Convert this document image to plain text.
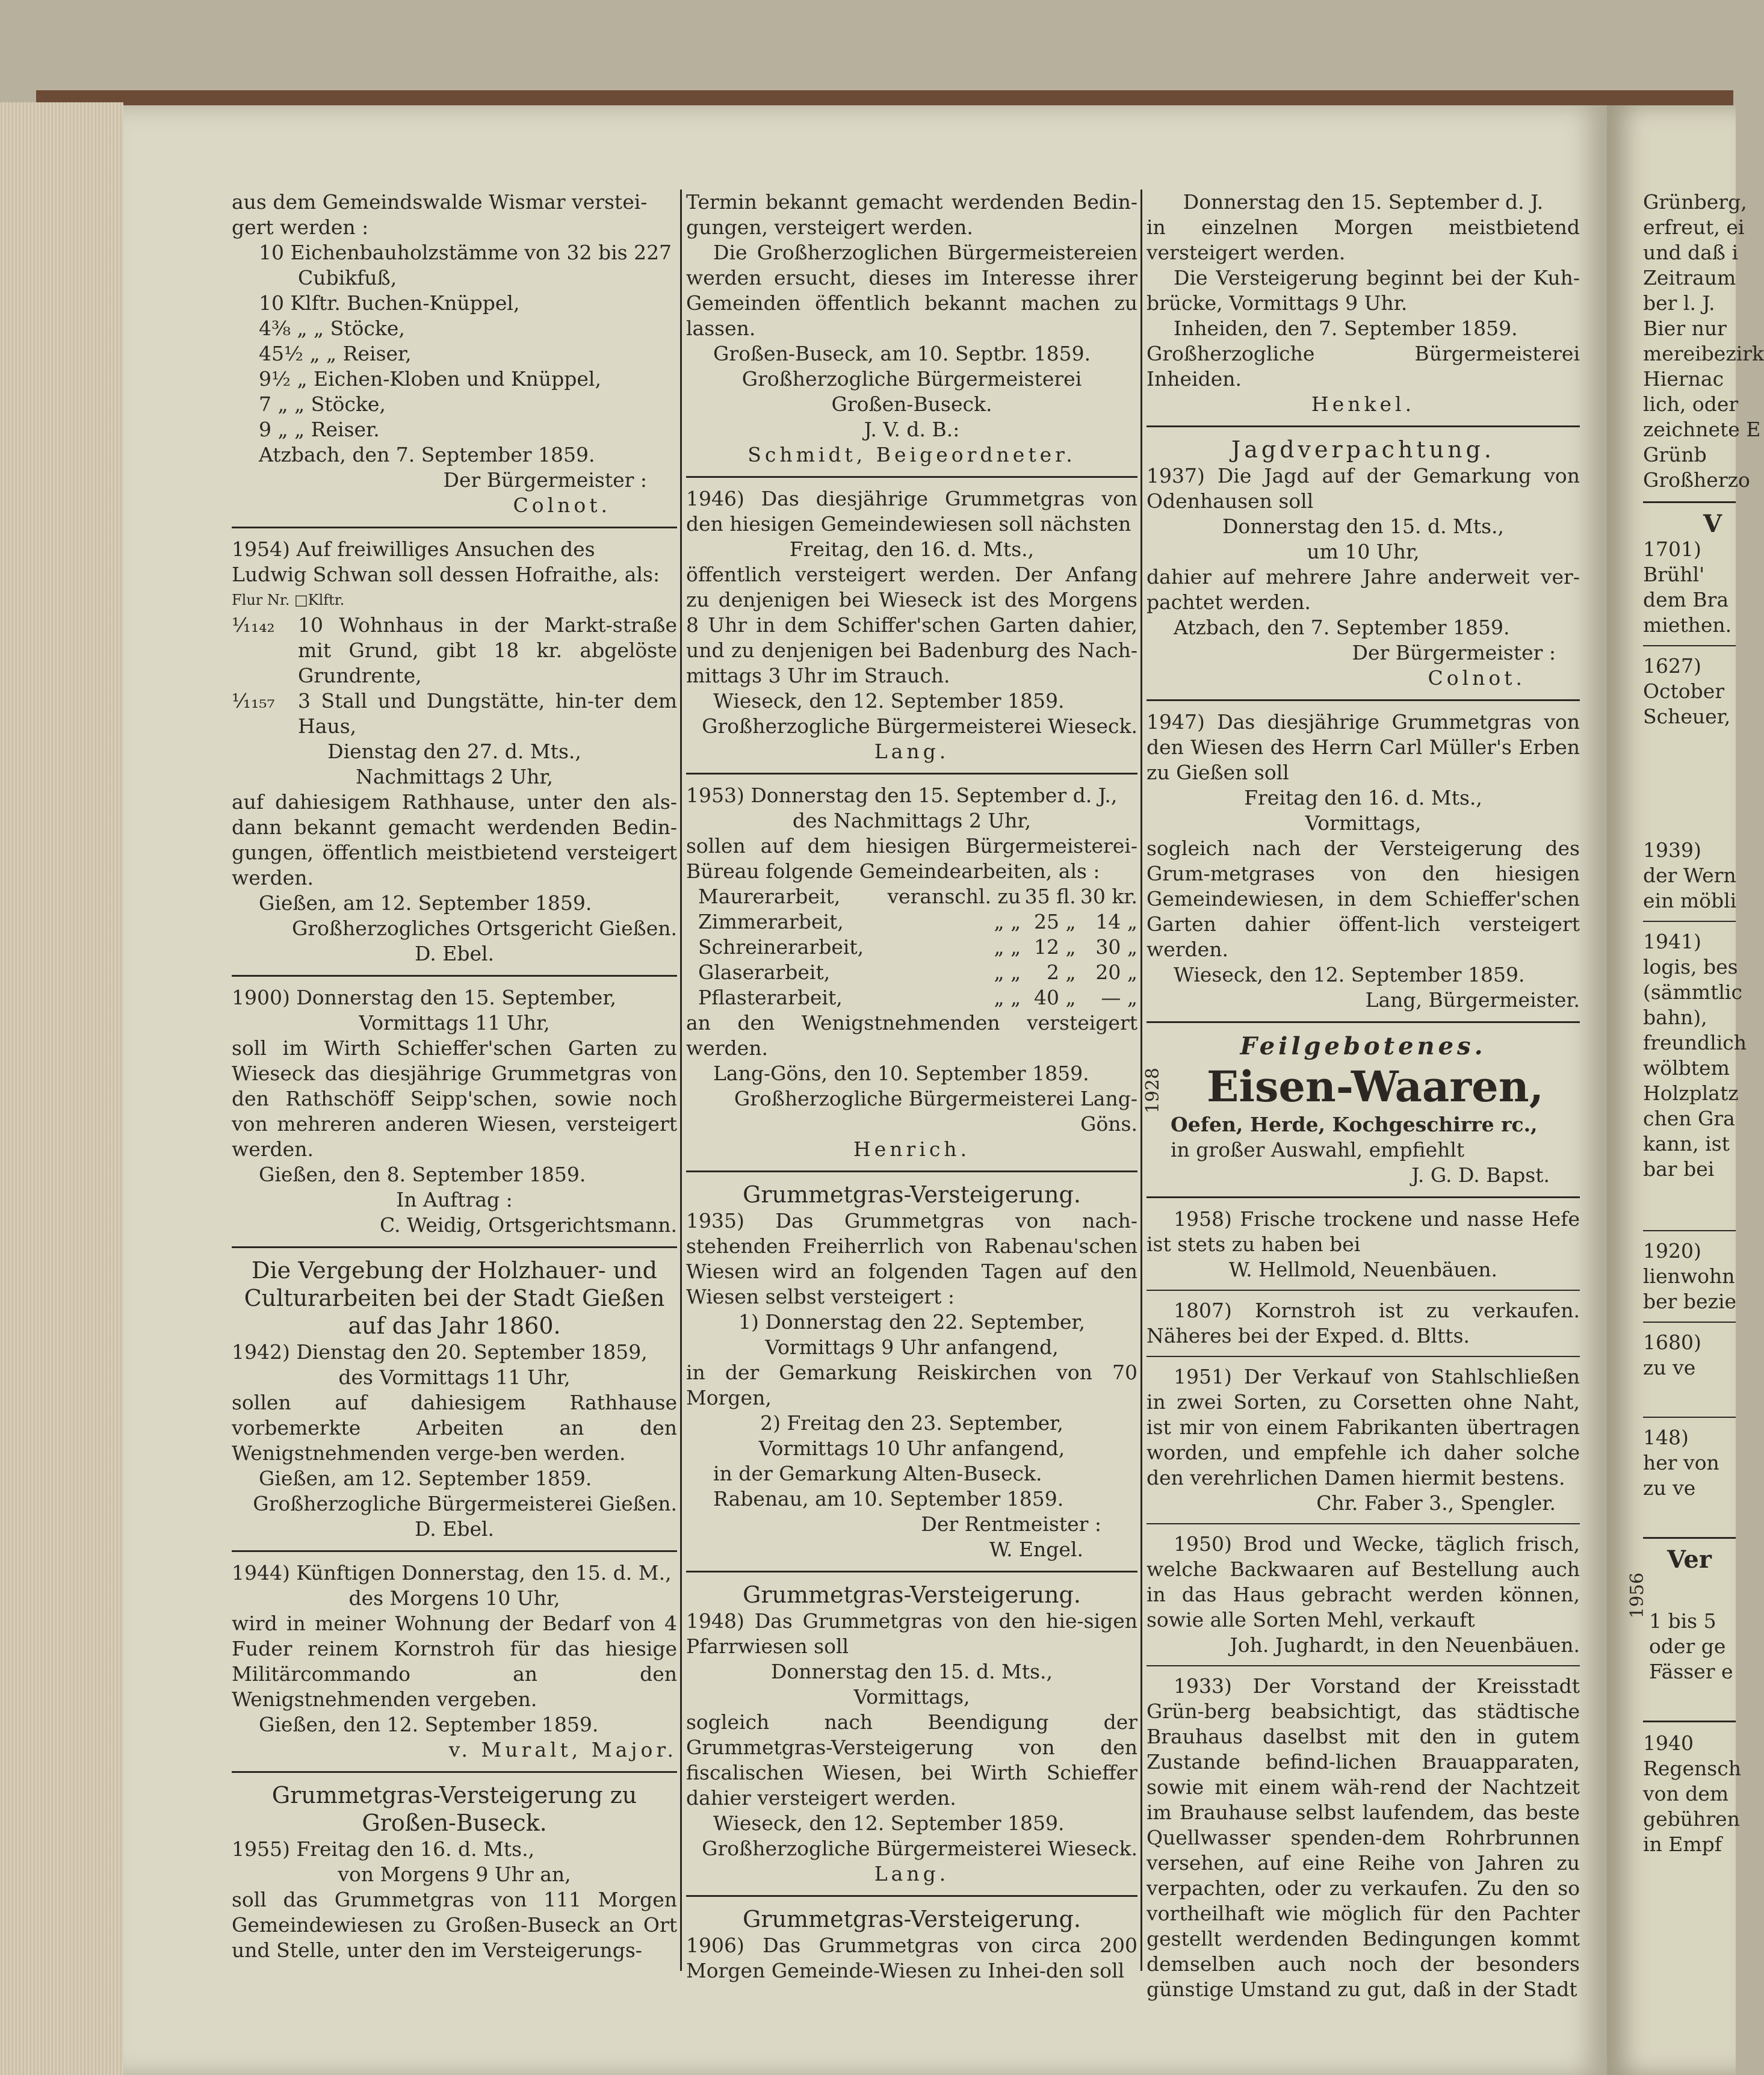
aus dem Gemeindswalde Wismar verstei-

gert werden :

10 Eichenbauholzstämme von 32 bis 227

Cubikfuß,

10 Klftr. Buchen-Knüppel,

4⅜ „ „ Stöcke,

45½ „ „ Reiser,

9½ „ Eichen-Kloben und Knüppel,

7 „ „ Stöcke,

9 „ „ Reiser.

Atzbach, den 7. September 1859.

Der Bürgermeister :

Colnot.

1954) Auf freiwilliges Ansuchen des

Ludwig Schwan soll dessen Hofraithe, als:

Flur Nr. □Klftr.

¹⁄₁₁₄₂	10 Wohnhaus in der Markt-straße mit Grund, gibt 18 kr. abgelöste Grundrente,

¹⁄₁₁₅₇	3 Stall und Dungstätte, hin-ter dem Haus,

Dienstag den 27. d. Mts.,

Nachmittags 2 Uhr,

auf dahiesigem Rathhause, unter den als-dann bekannt gemacht werdenden Bedin-gungen, öffentlich meistbietend versteigert werden.

Gießen, am 12. September 1859.

Großherzogliches Ortsgericht Gießen.

D. Ebel.

1900) Donnerstag den 15. September,

Vormittags 11 Uhr,

soll im Wirth Schieffer'schen Garten zu Wieseck das diesjährige Grummetgras von den Rathschöff Seipp'schen, sowie noch von mehreren anderen Wiesen, versteigert werden.

Gießen, den 8. September 1859.

In Auftrag :

C. Weidig, Ortsgerichtsmann.

Die Vergebung der Holzhauer- und Culturarbeiten bei der Stadt Gießen auf das Jahr 1860.

1942) Dienstag den 20. September 1859,

des Vormittags 11 Uhr,

sollen auf dahiesigem Rathhause vorbemerkte Arbeiten an den Wenigstnehmenden verge-ben werden.

Gießen, am 12. September 1859.

Großherzogliche Bürgermeisterei Gießen.

D. Ebel.

1944) Künftigen Donnerstag, den 15. d. M.,

des Morgens 10 Uhr,

wird in meiner Wohnung der Bedarf von 4 Fuder reinem Kornstroh für das hiesige Militärcommando an den Wenigstnehmenden vergeben.

Gießen, den 12. September 1859.

v. Muralt, Major.

Grummetgras-Versteigerung zu Großen-Buseck.

1955) Freitag den 16. d. Mts.,

von Morgens 9 Uhr an,

soll das Grummetgras von 111 Morgen Gemeindewiesen zu Großen-Buseck an Ort und Stelle, unter den im Versteigerungs-

Termin bekannt gemacht werdenden Bedin-gungen, versteigert werden.

Die Großherzoglichen Bürgermeistereien werden ersucht, dieses im Interesse ihrer Gemeinden öffentlich bekannt machen zu lassen.

Großen-Buseck, am 10. Septbr. 1859.

Großherzogliche Bürgermeisterei

Großen-Buseck.

J. V. d. B.:

Schmidt, Beigeordneter.

1946) Das diesjährige Grummetgras von den hiesigen Gemeindewiesen soll nächsten

Freitag, den 16. d. Mts.,

öffentlich versteigert werden. Der Anfang zu denjenigen bei Wieseck ist des Morgens 8 Uhr in dem Schiffer'schen Garten dahier, und zu denjenigen bei Badenburg des Nach-mittags 3 Uhr im Strauch.

Wieseck, den 12. September 1859.

Großherzogliche Bürgermeisterei Wieseck.

Lang.

1953) Donnerstag den 15. September d. J.,

des Nachmittags 2 Uhr,

sollen auf dem hiesigen Bürgermeisterei-Büreau folgende Gemeindearbeiten, als :

Maurerarbeit,	veranschl. zu	35 fl.	30 kr.
Zimmerarbeit,	„ „	25 „	14 „
Schreinerarbeit,	„ „	12 „	30 „
Glaserarbeit,	„ „	2 „	20 „
Pflasterarbeit,	„ „	40 „	— „

an den Wenigstnehmenden versteigert werden.

Lang-Göns, den 10. September 1859.

Großherzogliche Bürgermeisterei Lang-Göns.

Henrich.

Grummetgras-Versteigerung.

1935) Das Grummetgras von nach-stehenden Freiherrlich von Rabenau'schen Wiesen wird an folgenden Tagen auf den Wiesen selbst versteigert :

1) Donnerstag den 22. September,

Vormittags 9 Uhr anfangend,

in der Gemarkung Reiskirchen von 70 Morgen,

2) Freitag den 23. September,

Vormittags 10 Uhr anfangend,

in der Gemarkung Alten-Buseck.

Rabenau, am 10. September 1859.

Der Rentmeister :

W. Engel.

Grummetgras-Versteigerung.

1948) Das Grummetgras von den hie-sigen Pfarrwiesen soll

Donnerstag den 15. d. Mts.,

Vormittags,

sogleich nach Beendigung der Grummetgras-Versteigerung von den fiscalischen Wiesen, bei Wirth Schieffer dahier versteigert werden.

Wieseck, den 12. September 1859.

Großherzogliche Bürgermeisterei Wieseck.

Lang.

Grummetgras-Versteigerung.

1906) Das Grummetgras von circa 200 Morgen Gemeinde-Wiesen zu Inhei-den soll

Donnerstag den 15. September d. J.

in einzelnen Morgen meistbietend versteigert werden.

Die Versteigerung beginnt bei der Kuh-brücke, Vormittags 9 Uhr.

Inheiden, den 7. September 1859.

Großherzogliche Bürgermeisterei Inheiden.

Henkel.

Jagdverpachtung.

1937) Die Jagd auf der Gemarkung von Odenhausen soll

Donnerstag den 15. d. Mts.,

um 10 Uhr,

dahier auf mehrere Jahre anderweit ver-pachtet werden.

Atzbach, den 7. September 1859.

Der Bürgermeister :

Colnot.

1947) Das diesjährige Grummetgras von den Wiesen des Herrn Carl Müller's Erben zu Gießen soll

Freitag den 16. d. Mts.,

Vormittags,

sogleich nach der Versteigerung des Grum-metgrases von den hiesigen Gemeindewiesen, in dem Schieffer'schen Garten dahier öffent-lich versteigert werden.

Wieseck, den 12. September 1859.

Lang, Bürgermeister.

Feilgebotenes.

1928	Eisen-Waaren,

Oefen, Herde, Kochgeschirre rc.,

in großer Auswahl, empfiehlt

J. G. D. Bapst.

1958) Frische trockene und nasse Hefe ist stets zu haben bei

W. Hellmold, Neuenbäuen.

1807) Kornstroh ist zu verkaufen. Näheres bei der Exped. d. Bltts.

1951) Der Verkauf von Stahlschließen in zwei Sorten, zu Corsetten ohne Naht, ist mir von einem Fabrikanten übertragen worden, und empfehle ich daher solche den verehrlichen Damen hiermit bestens.

Chr. Faber 3., Spengler.

1950) Brod und Wecke, täglich frisch, welche Backwaaren auf Bestellung auch in das Haus gebracht werden können, sowie alle Sorten Mehl, verkauft

Joh. Jughardt, in den Neuenbäuen.

1933) Der Vorstand der Kreisstadt Grün-berg beabsichtigt, das städtische Brauhaus daselbst mit den in gutem Zustande befind-lichen Brauapparaten, sowie mit einem wäh-rend der Nachtzeit im Brauhause selbst laufendem, das beste Quellwasser spenden-dem Rohrbrunnen versehen, auf eine Reihe von Jahren zu verpachten, oder zu verkaufen. Zu den so vortheilhaft wie möglich für den Pachter gestellt werdenden Bedingungen kommt demselben auch noch der besonders günstige Umstand zu gut, daß in der Stadt

Grünberg,

erfreut, ei

und daß i

Zeitraum

ber l. J.

Bier nur

mereibezirk

Hiernac

lich, oder

zeichnete E

Grünb

Großherzo

V

1701)

Brühl'

dem Bra

miethen.

1627)

October

Scheuer,

1939)

der Wern

ein möbli

1941)

logis, bes

(sämmtlic

bahn),

freundlich

wölbtem

Holzplatz

chen Gra

kann, ist

bar bei

1920)

lienwohn

ber bezie

1680)

zu ve

148)

her von

zu ve

Ver

1956

1 bis 5

oder ge

Fässer e

1940

Regensch

von dem

gebühren

in Empf
